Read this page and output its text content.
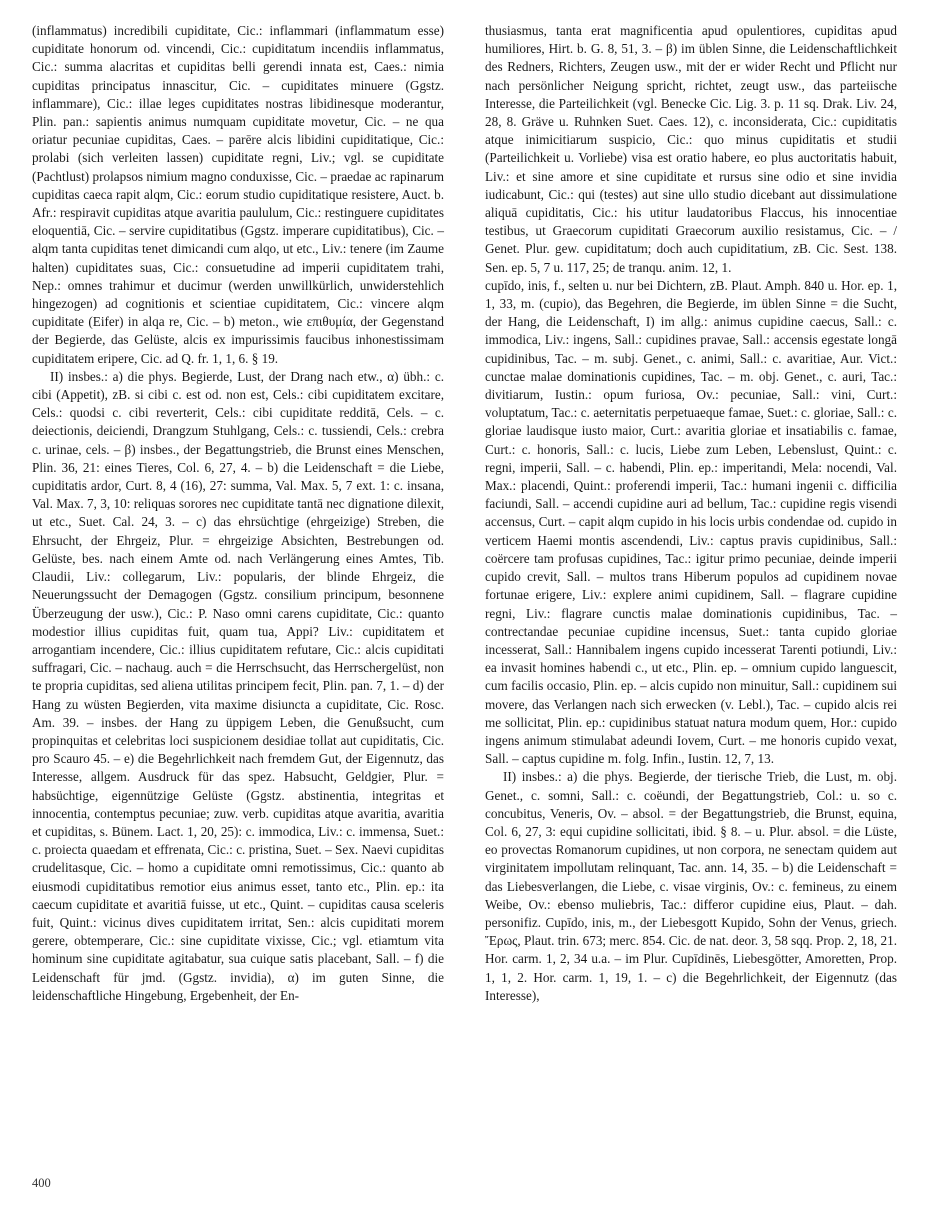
(inflammatus) incredibili cupiditate, Cic.: inflammari (inflammatum esse) cupiditate honorum od. vincendi, Cic.: cupiditatum incendiis inflammatus, Cic.: summa alacritas et cupiditas belli gerendi innata est, Caes.: nimia cupiditas principatus innascitur, Cic. – cupiditates minuere (Ggstz. inflammare), Cic.: illae leges cupiditates nostras libidinesque moderantur, Plin. pan.: sapientis animus numquam cupiditate movetur, Cic. – ne qua oriatur pecuniae cupiditas, Caes. – parēre alcis libidini cupiditatique, Cic.: prolabi (sich verleiten lassen) cupiditate regni, Liv.; vgl. se cupiditate (Pachtlust) prolapsos nimium magno conduxisse, Cic. – praedae ac rapinarum cupiditas caeca rapit alqm, Cic.: eorum studio cupiditatique resistere, Auct. b. Afr.: respiravit cupiditas atque avaritia paululum, Cic.: restinguere cupiditates eloquentiā, Cic. – servire cupiditatibus (Ggstz. imperare cupiditatibus), Cic. – alqm tanta cupiditas tenet dimicandi cum alqo, ut etc., Liv.: tenere (im Zaume halten) cupiditates suas, Cic.: consuetudine ad imperii cupiditatem trahi, Nep.: omnes trahimur et ducimur (werden unwillkürlich, unwiderstehlich hingezogen) ad cognitionis et scientiae cupiditatem, Cic.: vincere alqm cupiditate (Eifer) in alqa re, Cic. – b) meton., wie επιθυμία, der Gegenstand der Begierde, das Gelüste, alcis ex impurissimis faucibus inhonestissimam cupiditatem eripere, Cic. ad Q. fr. 1, 1, 6. § 19.

II) insbes.: a) die phys. Begierde, Lust, der Drang nach etw., α) übh.: c. cibi (Appetit), zB. si cibi c. est od. non est, Cels.: cibi cupiditatem excitare, Cels.: quodsi c. cibi reverterit, Cels.: cibi cupiditate redditā, Cels. – c. deiectionis, deiciendi, Drangzum Stuhlgang, Cels.: c. tussiendi, Cels.: crebra c. urinae, cels. – β) insbes., der Begattungstrieb, die Brunst eines Menschen, Plin. 36, 21: eines Tieres, Col. 6, 27, 4. – b) die Leidenschaft = die Liebe, cupiditatis ardor, Curt. 8, 4 (16), 27: summa, Val. Max. 5, 7 ext. 1: c. insana, Val. Max. 7, 3, 10: reliquas sorores nec cupiditate tantā nec dignatione dilexit, ut etc., Suet. Cal. 24, 3. – c) das ehrsüchtige (ehrgeizige) Streben, die Ehrsucht, der Ehrgeiz, Plur. = ehrgeizige Absichten, Bestrebungen od. Gelüste, bes. nach einem Amte od. nach Verlängerung eines Amtes, Tib. Claudii, Liv.: collegarum, Liv.: popularis, der blinde Ehrgeiz, die Neuerungssucht der Demagogen (Ggstz. consilium principum, besonnene Überzeugung der usw.), Cic.: P. Naso omni carens cupiditate, Cic.: quanto modestior illius cupiditas fuit, quam tua, Appi? Liv.: cupiditatem et arrogantiam incendere, Cic.: illius cupiditatem refutare, Cic.: alcis cupiditati suffragari, Cic. – nachaug. auch = die Herrschsucht, das Herrschergelüst, non te propria cupiditas, sed aliena utilitas principem fecit, Plin. pan. 7, 1. – d) der Hang zu wüsten Begierden, vita maxime disiuncta a cupiditate, Cic. Rosc. Am. 39. – insbes. der Hang zu üppigem Leben, die Genußsucht, cum propinquitas et celebritas loci suspicionem desidiae tollat aut cupiditatis, Cic. pro Scauro 45. – e) die Begehrlichkeit nach fremdem Gut, der Eigennutz, das Interesse, allgem. Ausdruck für das spez. Habsucht, Geldgier, Plur. = habsüchtige, eigennützige Gelüste (Ggstz. abstinentia, integritas et innocentia, contemptus pecuniae; zuw. verb. cupiditas atque avaritia, avaritia et cupiditas, s. Bünem. Lact. 1, 20, 25): c. immodica, Liv.: c. immensa, Suet.: c. proiecta quaedam et effrenata, Cic.: c. pristina, Suet. – Sex. Naevi cupiditas crudelitasque, Cic. – homo a cupiditate omni remotissimus, Cic.: quanto ab eiusmodi cupiditatibus remotior eius animus esset, tanto etc., Plin. ep.: ita caecum cupiditate et avaritiā fuisse, ut etc., Quint. – cupiditas causa sceleris fuit, Quint.: vicinus dives cupiditatem irritat, Sen.: alcis cupiditati morem gerere, obtemperare, Cic.: sine cupiditate vixisse, Cic.; vgl. etiamtum vita hominum sine cupiditate agitabatur, sua cuique satis placebant, Sall. – f) die Leidenschaft für jmd. (Ggstz. invidia), α) im guten Sinne, die leidenschaftliche Hingebung, Ergebenheit, der En-

thusiasmus, tanta erat magnificentia apud opulentiores, cupiditas apud humiliores, Hirt. b. G. 8, 51, 3. – β) im üblen Sinne, die Leidenschaftlichkeit des Redners, Richters, Zeugen usw., mit der er wider Recht und Pflicht nur nach persönlicher Neigung spricht, richtet, zeugt usw., das parteiische Interesse, die Parteilichkeit (vgl. Benecke Cic. Lig. 3. p. 11 sq. Drak. Liv. 24, 28, 8. Gräve u. Ruhnken Suet. Caes. 12), c. inconsiderata, Cic.: cupiditatis atque inimicitiarum suspicio, Cic.: quo minus cupiditatis et studii (Parteilichkeit u. Vorliebe) visa est oratio habere, eo plus auctoritatis habuit, Liv.: et sine amore et sine cupiditate et rursus sine odio et sine invidia iudicabunt, Cic.: qui (testes) aut sine ullo studio dicebant aut dissimulatione aliquā cupiditatis, Cic.: his utitur laudatoribus Flaccus, his innocentiae testibus, ut Graecorum cupiditati Graecorum auxilio resistamus, Cic. – / Genet. Plur. gew. cupiditatum; doch auch cupiditatium, zB. Cic. Sest. 138. Sen. ep. 5, 7 u. 117, 25; de tranqu. anim. 12, 1.

cupīdo, inis, f., selten u. nur bei Dichtern, zB. Plaut. Amph. 840 u. Hor. ep. 1, 1, 33, m. (cupio), das Begehren, die Begierde, im üblen Sinne = die Sucht, der Hang, die Leidenschaft, I) im allg.: animus cupidine caecus, Sall.: c. immodica, Liv.: ingens, Sall.: cupidines pravae, Sall.: accensis egestate longā cupidinibus, Tac. – m. subj. Genet., c. animi, Sall.: c. avaritiae, Aur. Vict.: cunctae malae dominationis cupidines, Tac. – m. obj. Genet., c. auri, Tac.: divitiarum, Iustin.: opum furiosa, Ov.: pecuniae, Sall.: vini, Curt.: voluptatum, Tac.: c. aeternitatis perpetuaeque famae, Suet.: c. gloriae, Sall.: c. gloriae laudisque iusto maior, Curt.: avaritia gloriae et insatiabilis c. famae, Curt.: c. honoris, Sall.: c. lucis, Liebe zum Leben, Lebenslust, Quint.: c. regni, imperii, Sall. – c. habendi, Plin. ep.: imperitandi, Mela: nocendi, Val. Max.: placendi, Quint.: proferendi imperii, Tac.: humani ingenii c. difficilia faciundi, Sall. – accendi cupidine auri ad bellum, Tac.: cupidine regis visendi accensus, Curt. – capit alqm cupido in his locis urbis condendae od. cupido in verticem Haemi montis ascendendi, Liv.: captus pravis cupidinibus, Sall.: coërcere tam profusas cupidines, Tac.: igitur primo pecuniae, deinde imperii cupido crevit, Sall. – multos trans Hiberum populos ad cupidinem novae fortunae erigere, Liv.: explere animi cupidinem, Sall. – flagrare cupidine regni, Liv.: flagrare cunctis malae dominationis cupidinibus, Tac. – contrectandae pecuniae cupidine incensus, Suet.: tanta cupido gloriae incesserat, Sall.: Hannibalem ingens cupido incesserat Tarenti potiundi, Liv.: ea invasit homines habendi c., ut etc., Plin. ep. – omnium cupido languescit, cum facilis occasio, Plin. ep. – alcis cupido non minuitur, Sall.: cupidinem sui movere, das Verlangen nach sich erwecken (v. Lebl.), Tac. – cupido alcis rei me sollicitat, Plin. ep.: cupidinibus statuat natura modum quem, Hor.: cupido ingens animum stimulabat adeundi Iovem, Curt. – me honoris cupido vexat, Sall. – captus cupidine m. folg. Infin., Iustin. 12, 7, 13.

II) insbes.: a) die phys. Begierde, der tierische Trieb, die Lust, m. obj. Genet., c. somni, Sall.: c. coëundi, der Begattungstrieb, Col.: u. so c. concubitus, Veneris, Ov. – absol. = der Begattungstrieb, die Brunst, equina, Col. 6, 27, 3: equi cupidine sollicitati, ibid. § 8. – u. Plur. absol. = die Lüste, eo provectas Romanorum cupidines, ut non corpora, ne senectam quidem aut virginitatem impollutam relinquant, Tac. ann. 14, 35. – b) die Leidenschaft = das Liebesverlangen, die Liebe, c. visae virginis, Ov.: c. femineus, zu einem Weibe, Ov.: ebenso muliebris, Tac.: differor cupidine eius, Plaut. – dah. personifiz. Cupīdo, inis, m., der Liebesgott Kupido, Sohn der Venus, griech. Ἔρως, Plaut. trin. 673; merc. 854. Cic. de nat. deor. 3, 58 sqq. Prop. 2, 18, 21. Hor. carm. 1, 2, 34 u.a. – im Plur. Cupīdinēs, Liebesgötter, Amoretten, Prop. 1, 1, 2. Hor. carm. 1, 19, 1. – c) die Begehrlichkeit, der Eigennutz (das Interesse),

400
